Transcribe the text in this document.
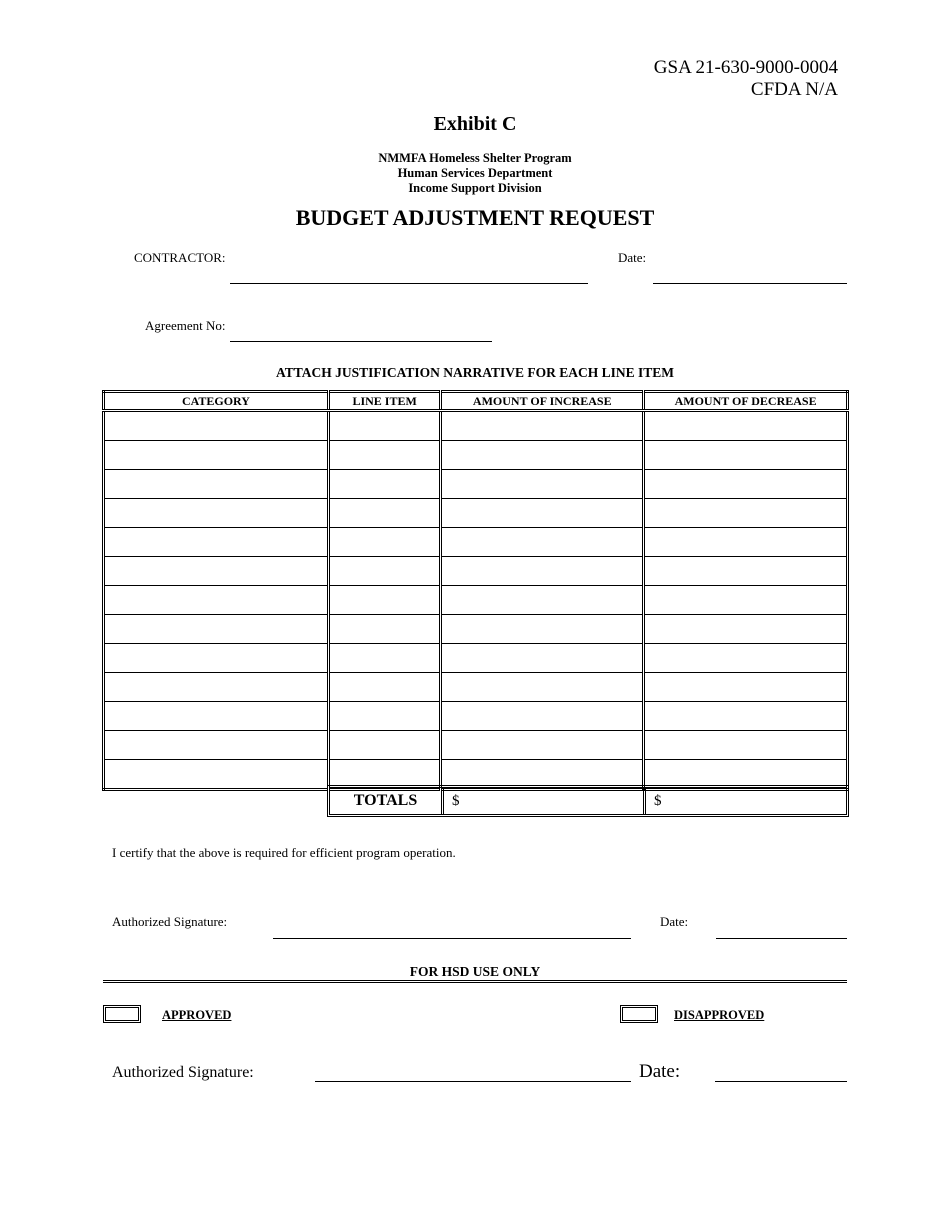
GSA 21-630-9000-0004
CFDA N/A
Exhibit C
NMMFA Homeless Shelter Program
Human Services Department
Income Support Division
BUDGET ADJUSTMENT REQUEST
CONTRACTOR:	Date:
Agreement No:
ATTACH JUSTIFICATION NARRATIVE FOR EACH LINE ITEM
CATEGORY	LINE ITEM	AMOUNT OF INCREASE	AMOUNT OF DECREASE

TOTALS	$	$
I certify that the above is required for efficient program operation.
Authorized Signature:	Date:
FOR HSD USE ONLY
APPROVED	DISAPPROVED
Authorized Signature:	Date:
